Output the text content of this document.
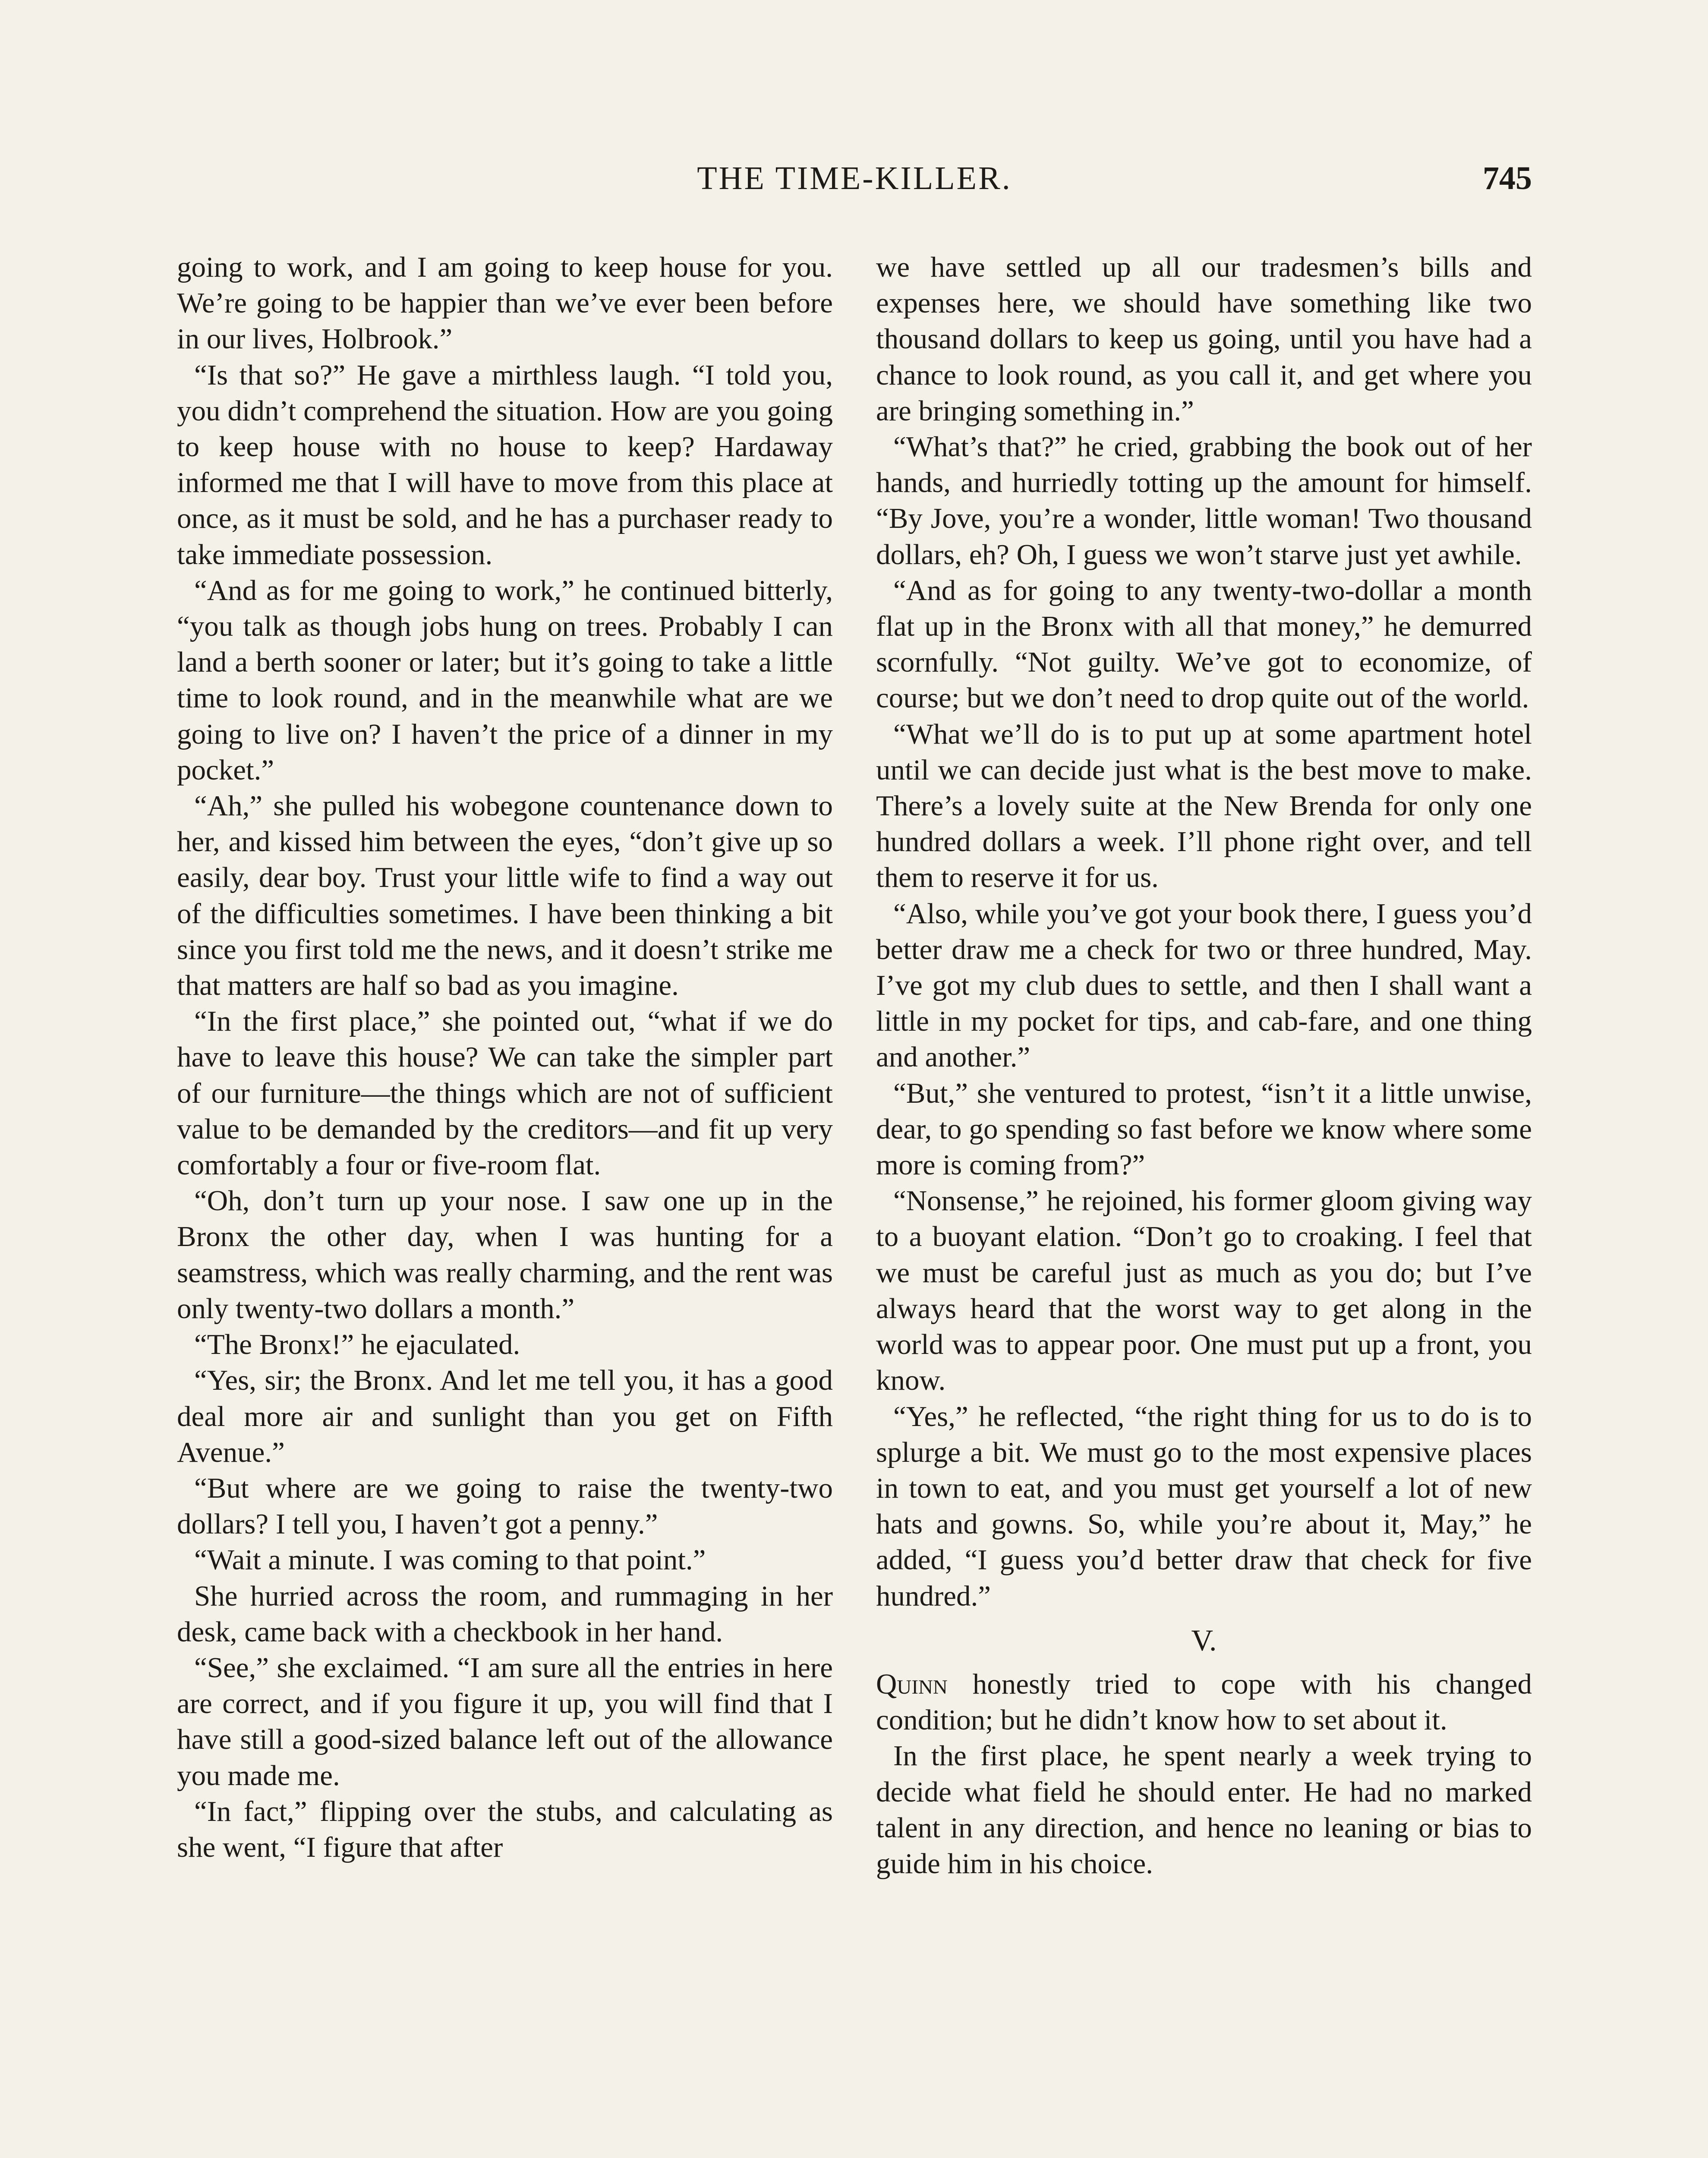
THE TIME-KILLER.	745

going to work, and I am going to keep house for you. We’re going to be happier than we’ve ever been before in our lives, Holbrook.”

“Is that so?” He gave a mirthless laugh. “I told you, you didn’t comprehend the situation. How are you going to keep house with no house to keep? Hardaway informed me that I will have to move from this place at once, as it must be sold, and he has a purchaser ready to take immediate possession.

“And as for me going to work,” he continued bitterly, “you talk as though jobs hung on trees. Probably I can land a berth sooner or later; but it’s going to take a little time to look round, and in the meanwhile what are we going to live on? I haven’t the price of a dinner in my pocket.”

“Ah,” she pulled his wobegone countenance down to her, and kissed him between the eyes, “don’t give up so easily, dear boy. Trust your little wife to find a way out of the difficulties sometimes. I have been thinking a bit since you first told me the news, and it doesn’t strike me that matters are half so bad as you imagine.

“In the first place,” she pointed out, “what if we do have to leave this house? We can take the simpler part of our furniture—the things which are not of sufficient value to be demanded by the creditors—and fit up very comfortably a four or five-room flat.

“Oh, don’t turn up your nose. I saw one up in the Bronx the other day, when I was hunting for a seamstress, which was really charming, and the rent was only twenty-two dollars a month.”

“The Bronx!” he ejaculated.

“Yes, sir; the Bronx. And let me tell you, it has a good deal more air and sunlight than you get on Fifth Avenue.”

“But where are we going to raise the twenty-two dollars? I tell you, I haven’t got a penny.”

“Wait a minute. I was coming to that point.”

She hurried across the room, and rummaging in her desk, came back with a checkbook in her hand.

“See,” she exclaimed. “I am sure all the entries in here are correct, and if you figure it up, you will find that I have still a good-sized balance left out of the allowance you made me.

“In fact,” flipping over the stubs, and calculating as she went, “I figure that after

we have settled up all our tradesmen’s bills and expenses here, we should have something like two thousand dollars to keep us going, until you have had a chance to look round, as you call it, and get where you are bringing something in.”

“What’s that?” he cried, grabbing the book out of her hands, and hurriedly totting up the amount for himself. “By Jove, you’re a wonder, little woman! Two thousand dollars, eh? Oh, I guess we won’t starve just yet awhile.

“And as for going to any twenty-two-dollar a month flat up in the Bronx with all that money,” he demurred scornfully. “Not guilty. We’ve got to economize, of course; but we don’t need to drop quite out of the world.

“What we’ll do is to put up at some apartment hotel until we can decide just what is the best move to make. There’s a lovely suite at the New Brenda for only one hundred dollars a week. I’ll phone right over, and tell them to reserve it for us.

“Also, while you’ve got your book there, I guess you’d better draw me a check for two or three hundred, May. I’ve got my club dues to settle, and then I shall want a little in my pocket for tips, and cab-fare, and one thing and another.”

“But,” she ventured to protest, “isn’t it a little unwise, dear, to go spending so fast before we know where some more is coming from?”

“Nonsense,” he rejoined, his former gloom giving way to a buoyant elation. “Don’t go to croaking. I feel that we must be careful just as much as you do; but I’ve always heard that the worst way to get along in the world was to appear poor. One must put up a front, you know.

“Yes,” he reflected, “the right thing for us to do is to splurge a bit. We must go to the most expensive places in town to eat, and you must get yourself a lot of new hats and gowns. So, while you’re about it, May,” he added, “I guess you’d better draw that check for five hundred.”

V.

Quinn honestly tried to cope with his changed condition; but he didn’t know how to set about it.

In the first place, he spent nearly a week trying to decide what field he should enter. He had no marked talent in any direction, and hence no leaning or bias to guide him in his choice.
